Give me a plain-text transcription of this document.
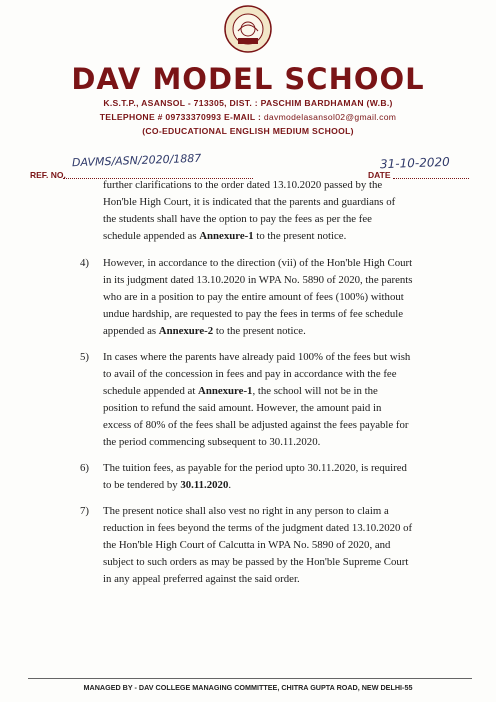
DAV MODEL SCHOOL
K.S.T.P., ASANSOL - 713305, DIST. : PASCHIM BARDHAMAN (W.B.)
TELEPHONE # 09733370993 E-MAIL : davmodelasansol02@gmail.com
(CO-EDUCATIONAL ENGLISH MEDIUM SCHOOL)
REF. NO.
DAVMS/ASN/2020/1887
DATE
31-10-2020
further clarifications to the order dated 13.10.2020 passed by the
Hon'ble High Court, it is indicated that the parents and guardians of
the students shall have the option to pay the fees as per the fee
schedule appended as Annexure-1 to the present notice.
4) However, in accordance to the direction (vii) of the Hon'ble High Court
in its judgment dated 13.10.2020 in WPA No. 5890 of 2020, the parents
who are in a position to pay the entire amount of fees (100%) without
undue hardship, are requested to pay the fees in terms of fee schedule
appended as Annexure-2 to the present notice.
5) In cases where the parents have already paid 100% of the fees but wish
to avail of the concession in fees and pay in accordance with the fee
schedule appended at Annexure-1, the school will not be in the
position to refund the said amount. However, the amount paid in
excess of 80% of the fees shall be adjusted against the fees payable for
the period commencing subsequent to 30.11.2020.
6) The tuition fees, as payable for the period upto 30.11.2020, is required
to be tendered by 30.11.2020.
7) The present notice shall also vest no right in any person to claim a
reduction in fees beyond the terms of the judgment dated 13.10.2020 of
the Hon'ble High Court of Calcutta in WPA No. 5890 of 2020, and
subject to such orders as may be passed by the Hon'ble Supreme Court
in any appeal preferred against the said order.
MANAGED BY - DAV COLLEGE MANAGING COMMITTEE, CHITRA GUPTA ROAD, NEW DELHI-55
